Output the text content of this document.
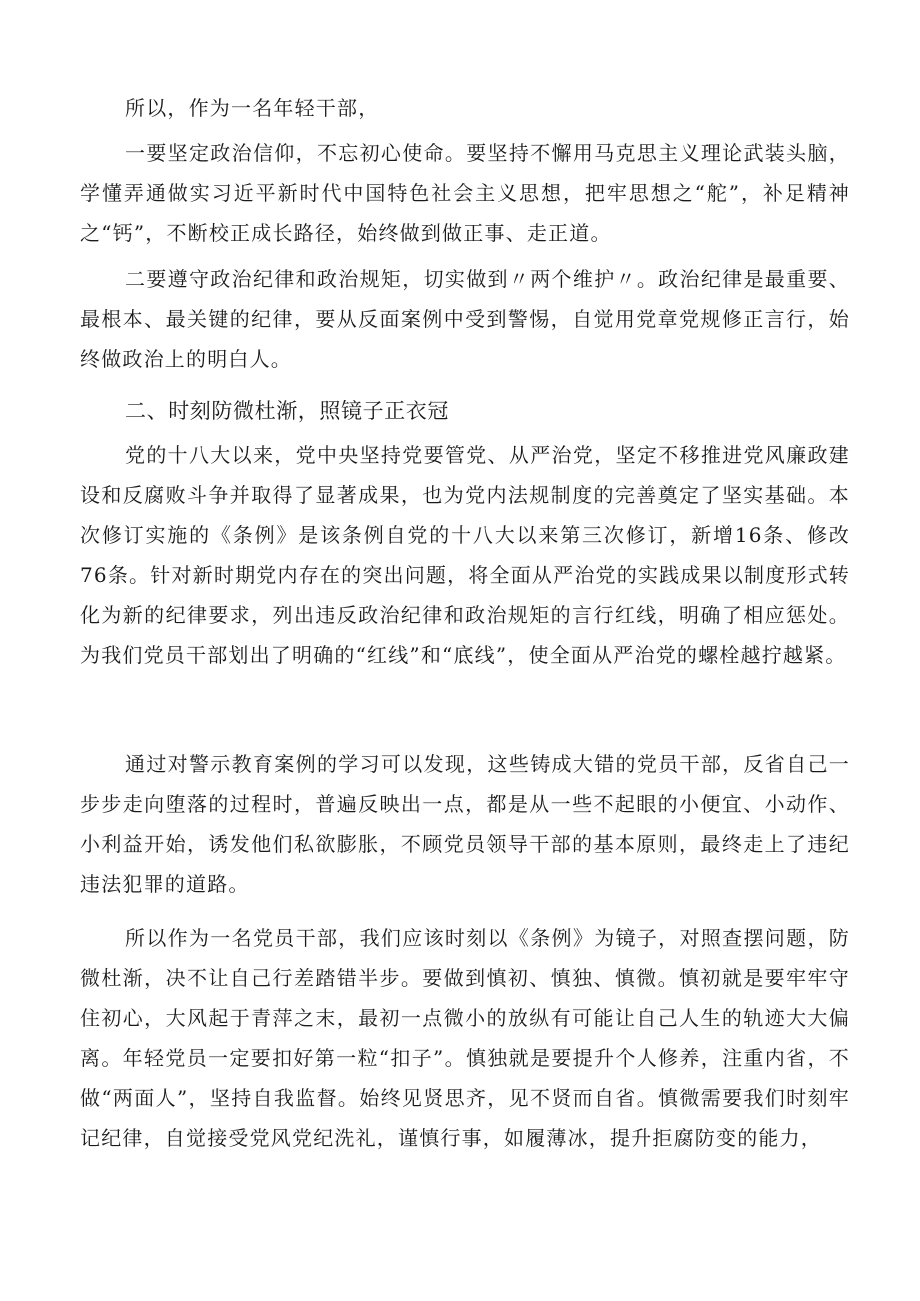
所以，作为一名年轻干部，

一要坚定政治信仰，不忘初心使命。要坚持不懈用马克思主义理论武装头脑，学懂弄通做实习近平新时代中国特色社会主义思想，把牢思想之“舵”，补足精神之“钙”，不断校正成长路径，始终做到做正事、走正道。

二要遵守政治纪律和政治规矩，切实做到〃两个维护〃。政治纪律是最重要、最根本、最关键的纪律，要从反面案例中受到警惕，自觉用党章党规修正言行，始终做政治上的明白人。

二、时刻防微杜渐，照镜子正衣冠

党的十八大以来，党中央坚持党要管党、从严治党，坚定不移推进党风廉政建设和反腐败斗争并取得了显著成果，也为党内法规制度的完善奠定了坚实基础。本次修订实施的《条例》是该条例自党的十八大以来第三次修订，新增16条、修改76条。针对新时期党内存在的突出问题，将全面从严治党的实践成果以制度形式转化为新的纪律要求，列出违反政治纪律和政治规矩的言行红线，明确了相应惩处。为我们党员干部划出了明确的“红线”和“底线”，使全面从严治党的螺栓越拧越紧。

通过对警示教育案例的学习可以发现，这些铸成大错的党员干部，反省自己一步步走向堕落的过程时，普遍反映出一点，都是从一些不起眼的小便宜、小动作、小利益开始，诱发他们私欲膨胀，不顾党员领导干部的基本原则，最终走上了违纪违法犯罪的道路。

所以作为一名党员干部，我们应该时刻以《条例》为镜子，对照查摆问题，防微杜渐，决不让自己行差踏错半步。要做到慎初、慎独、慎微。慎初就是要牢牢守住初心，大风起于青萍之末，最初一点微小的放纵有可能让自己人生的轨迹大大偏离。年轻党员一定要扣好第一粒“扣子”。慎独就是要提升个人修养，注重内省，不做“两面人”，坚持自我监督。始终见贤思齐，见不贤而自省。慎微需要我们时刻牢记纪律，自觉接受党风党纪洗礼，谨慎行事，如履薄冰，提升拒腐防变的能力，
